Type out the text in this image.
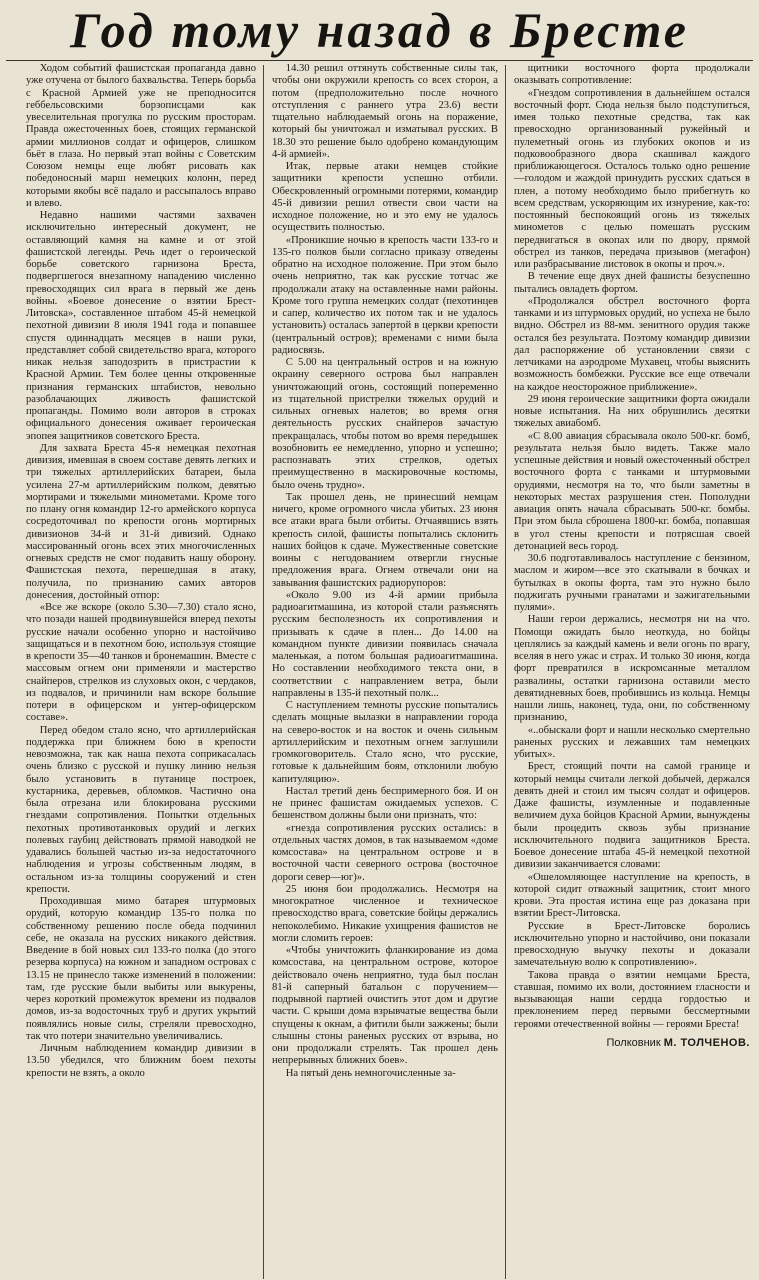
Год тому назад в Бресте

Ходом событий фашистская пропаганда давно уже отучена от былого бахвальства. Теперь борьба с Красной Армией уже не преподносится геббельсовскими борзописцами как увеселительная прогулка по русским просторам. Правда ожесточенных боев, стоящих германской армии миллионов солдат и офицеров, слишком бьёт в глаза. Но первый этап войны с Советским Союзом немцы еще любят рисовать как победоносный марш немецких колонн, перед которыми якобы всё падало и рассыпалось вправо и влево.

Недавно нашими частями захвачен исключительно интересный документ, не оставляющий камня на камне и от этой фашистской легенды. Речь идет о героической борьбе советского гарнизона Бреста, подвергшегося внезапному нападению численно превосходящих сил врага в первый же день войны. «Боевое донесение о взятии Брест-Литовска», составленное штабом 45-й немецкой пехотной дивизии 8 июля 1941 года и попавшее спустя одиннадцать месяцев в наши руки, представляет собой свидетельство врага, которого никак нельзя заподозрить в пристрастии к Красной Армии. Тем более ценны откровенные признания германских штабистов, невольно разоблачающих лживость фашистской пропаганды. Помимо воли авторов в строках официального донесения оживает героическая эпопея защитников советского Бреста.

Для захвата Бреста 45-я немецкая пехотная дивизия, имевшая в своем составе девять легких и три тяжелых артиллерийских батареи, была усилена 27-м артиллерийским полком, девятью мортирами и тяжелыми минометами. Кроме того по плану огня командир 12-го армейского корпуса сосредоточивал по крепости огонь мортирных дивизионов 34-й и 31-й дивизий. Однако массированный огонь всех этих многочисленных огневых средств не смог подавить нашу оборону. Фашистская пехота, перешедшая в атаку, получила, по признанию самих авторов донесения, достойный отпор:

«Все же вскоре (около 5.30—7.30) стало ясно, что позади нашей продвинувшейся вперед пехоты русские начали особенно упорно и настойчиво защищаться и в пехотном бою, используя стоящие в крепости 35—40 танков и бронемашин. Вместе с массовым огнем они применяли и мастерство снайперов, стрелков из слуховых окон, с чердаков, из подвалов, и причинили нам вскоре большие потери в офицерском и унтер-офицерском составе».

Перед обедом стало ясно, что артиллерийская поддержка при ближнем бою в крепости невозможна, так как наша пехота соприкасалась очень близко с русской и пушку линию нельзя было установить в путанице построек, кустарника, деревьев, обломков. Частично она была отрезана или блокирована русскими гнездами сопротивления. Попытки отдельных пехотных противотанковых орудий и легких полевых гаубиц действовать прямой наводкой не удавались большей частью из-за недостаточного наблюдения и угрозы собственным людям, в остальном из-за толщины сооружений и стен крепости.

Проходившая мимо батарея штурмовых орудий, которую командир 135-го полка по собственному решению после обеда подчинил себе, не оказала на русских никакого действия. Введение в бой новых сил 133-го полка (до этого резерва корпуса) на южном и западном островах с 13.15 не принесло также изменений в положении: там, где русские были выбиты или выкурены, через короткий промежуток времени из подвалов домов, из-за водосточных труб и других укрытий появлялись новые силы, стреляли превосходно, так что потери значительно увеличивались.

Личным наблюдением командир дивизии в 13.50 убедился, что ближним боем пехоты крепости не взять, а около

14.30 решил оттянуть собственные силы так, чтобы они окружили крепость со всех сторон, а потом (предположительно после ночного отступления с раннего утра 23.6) вести тщательно наблюдаемый огонь на поражение, который бы уничтожал и изматывал русских. В 18.30 это решение было одобрено командующим 4-й армией».

Итак, первые атаки немцев стойкие защитники крепости успешно отбили. Обескровленный огромными потерями, командир 45-й дивизии решил отвести свои части на исходное положение, но и это ему не удалось осуществить полностью.

«Проникшие ночью в крепость части 133-го и 135-го полков были согласно приказу отведены обратно на исходное положение. При этом было очень неприятно, так как русские тотчас же продолжали атаку на оставленные нами районы. Кроме того группа немецких солдат (пехотинцев и сапер, количество их потом так и не удалось установить) осталась запертой в церкви крепости (центральный остров); временами с ними была радиосвязь.

С 5.00 на центральный остров и на южную окраину северного острова был направлен уничтожающий огонь, состоящий попеременно из тщательной пристрелки тяжелых орудий и сильных огневых налетов; во время огня деятельность русских снайперов зачастую прекращалась, чтобы потом во время передышек возобновить ее немедленно, упорно и успешно; распознавать этих стрелков, одетых преимущественно в маскировочные костюмы, было очень трудно».

Так прошел день, не принесший немцам ничего, кроме огромного числа убитых. 23 июня все атаки врага были отбиты. Отчаявшись взять крепость силой, фашисты попытались склонить наших бойцов к сдаче. Мужественные советские воины с негодованием отвергли гнусные предложения врага. Огнем отвечали они на завывания фашистских радиорупоров:

«Около 9.00 из 4-й армии прибыла радиоагитмашина, из которой стали разъяснять русским бесполезность их сопротивления и призывать к сдаче в плен... До 14.00 на командном пункте дивизии появилась сначала маленькая, а потом большая радиоагитмашина. Но составлении необходимого текста они, в соответствии с направлением ветра, были направлены в 135-й пехотный полк...

С наступлением темноты русские попытались сделать мощные вылазки в направлении города на северо-восток и на восток и очень сильным артиллерийским и пехотным огнем заглушили громкоговоритель. Стало ясно, что русские, готовые к дальнейшим боям, отклонили любую капитуляцию».

Настал третий день беспримерного боя. И он не принес фашистам ожидаемых успехов. С бешенством должны были они признать, что:

«гнезда сопротивления русских остались: в отдельных частях домов, в так называемом «доме комсостава» на центральном острове и в восточной части северного острова (восточное дороги север—юг)».

25 июня бои продолжались. Несмотря на многократное численное и техническое превосходство врага, советские бойцы держались непоколебимо. Никакие ухищрения фашистов не могли сломить героев:

«Чтобы уничтожить фланкирование из дома комсостава, на центральном острове, которое действовало очень неприятно, туда был послан 81-й саперный батальон с поручением—подрывной партией очистить этот дом и другие части. С крыши дома взрывчатые вещества были спущены к окнам, а фитили были зажжены; были слышны стоны раненых русских от взрыва, но они продолжали стрелять. Так прошел день непрерывных ближних боев».

На пятый день немногочисленные за-

щитники восточного форта продолжали оказывать сопротивление:

«Гнездом сопротивления в дальнейшем остался восточный форт. Сюда нельзя было подступиться, имея только пехотные средства, так как превосходно организованный ружейный и пулеметный огонь из глубоких окопов и из подковообразного двора скашивал каждого приближающегося. Осталось только одно решение—голодом и жаждой принудить русских сдаться в плен, а потому необходимо было прибегнуть ко всем средствам, ускоряющим их изнурение, как-то: постоянный беспокоящий огонь из тяжелых минометов с целью помешать русским передвигаться в окопах или по двору, прямой обстрел из танков, передача призывов (мегафон) или разбрасывание листовок в окопы и проч.».

В течение еще двух дней фашисты безуспешно пытались овладеть фортом.

«Продолжался обстрел восточного форта танками и из штурмовых орудий, но успеха не было видно. Обстрел из 88-мм. зенитного орудия также остался без результата. Поэтому командир дивизии дал распоряжение об установлении связи с летчиками на аэродроме Мухавец, чтобы выяснить возможность бомбежки. Русские все еще отвечали на каждое неосторожное приближение».

29 июня героические защитники форта ожидали новые испытания. На них обрушились десятки тяжелых авиабомб.

«С 8.00 авиация сбрасывала около 500-кг. бомб, результата нельзя было видеть. Также мало успешные действия и новый ожесточенный обстрел восточного форта с танками и штурмовыми орудиями, несмотря на то, что были заметны в некоторых местах разрушения стен. Пополудни авиация опять начала сбрасывать 500-кг. бомбы. При этом была сброшена 1800-кг. бомба, попавшая в угол стены крепости и потрясшая своей детонацией весь город.

30.6 подготавливалось наступление с бензином, маслом и жиром—все это скатывали в бочках и бутылках в окопы форта, там это нужно было поджигать ручными гранатами и зажигательными пулями».

Наши герои держались, несмотря ни на что. Помощи ожидать было неоткуда, но бойцы цеплялись за каждый камень и вели огонь по врагу, вселяя в него ужас и страх. И только 30 июня, когда форт превратился в искромсанные металлом развалины, остатки гарнизона оставили место девятидневных боев, пробившись из кольца. Немцы нашли лишь, наконец, туда, они, по собственному признанию,

«..обыскали форт и нашли несколько смертельно раненых русских и лежавших там немецких убитых».

Брест, стоящий почти на самой границе и который немцы считали легкой добычей, держался девять дней и стоил им тысяч солдат и офицеров. Даже фашисты, изумленные и подавленные величием духа бойцов Красной Армии, вынуждены были процедить сквозь зубы признание исключительного подвига защитников Бреста. Боевое донесение штаба 45-й немецкой пехотной дивизии заканчивается словами:

«Ошеломляющее наступление на крепость, в которой сидит отважный защитник, стоит много крови. Эта простая истина еще раз доказана при взятии Брест-Литовска.

Русские в Брест-Литовске боролись исключительно упорно и настойчиво, они показали превосходную выучку пехоты и доказали замечательную волю к сопротивлению».

Такова правда о взятии немцами Бреста, ставшая, помимо их воли, достоянием гласности и вызывающая наши сердца гордостью и преклонением перед первыми бессмертными героями отечественной войны — героями Бреста!

Полковник М. ТОЛЧЕНОВ.
